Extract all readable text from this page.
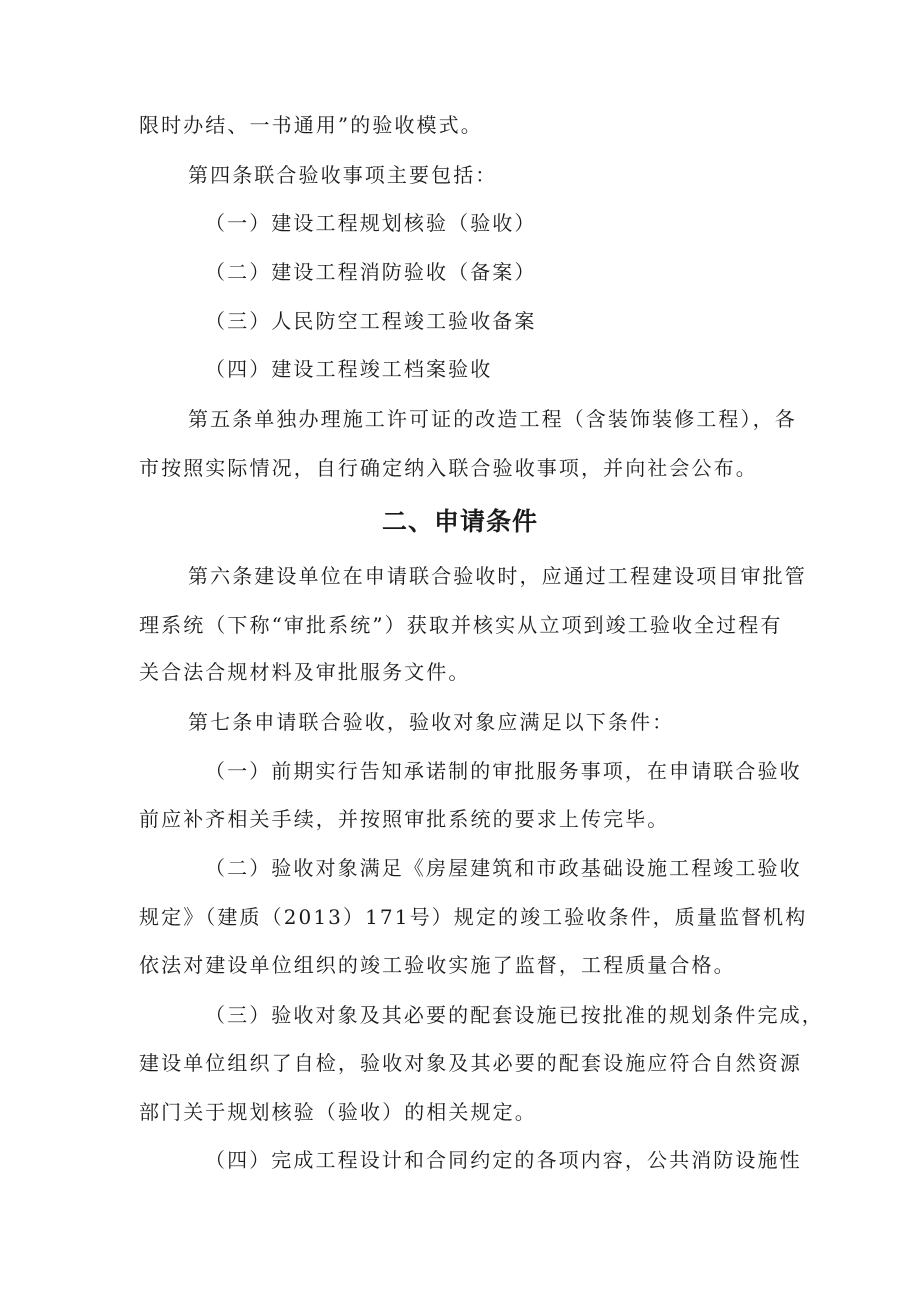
限时办结、一书通用”的验收模式。
第四条联合验收事项主要包括：
（一）建设工程规划核验（验收）
（二）建设工程消防验收（备案）
（三）人民防空工程竣工验收备案
（四）建设工程竣工档案验收
第五条单独办理施工许可证的改造工程（含装饰装修工程），各
市按照实际情况，自行确定纳入联合验收事项，并向社会公布。
二、申请条件
第六条建设单位在申请联合验收时，应通过工程建设项目审批管
理系统（下称“审批系统”）获取并核实从立项到竣工验收全过程有
关合法合规材料及审批服务文件。
第七条申请联合验收，验收对象应满足以下条件：
（一）前期实行告知承诺制的审批服务事项，在申请联合验收
前应补齐相关手续，并按照审批系统的要求上传完毕。
（二）验收对象满足《房屋建筑和市政基础设施工程竣工验收
规定》（建质（2013）171号）规定的竣工验收条件，质量监督机构
依法对建设单位组织的竣工验收实施了监督，工程质量合格。
（三）验收对象及其必要的配套设施已按批准的规划条件完成，
建设单位组织了自检，验收对象及其必要的配套设施应符合自然资源
部门关于规划核验（验收）的相关规定。
（四）完成工程设计和合同约定的各项内容，公共消防设施性
